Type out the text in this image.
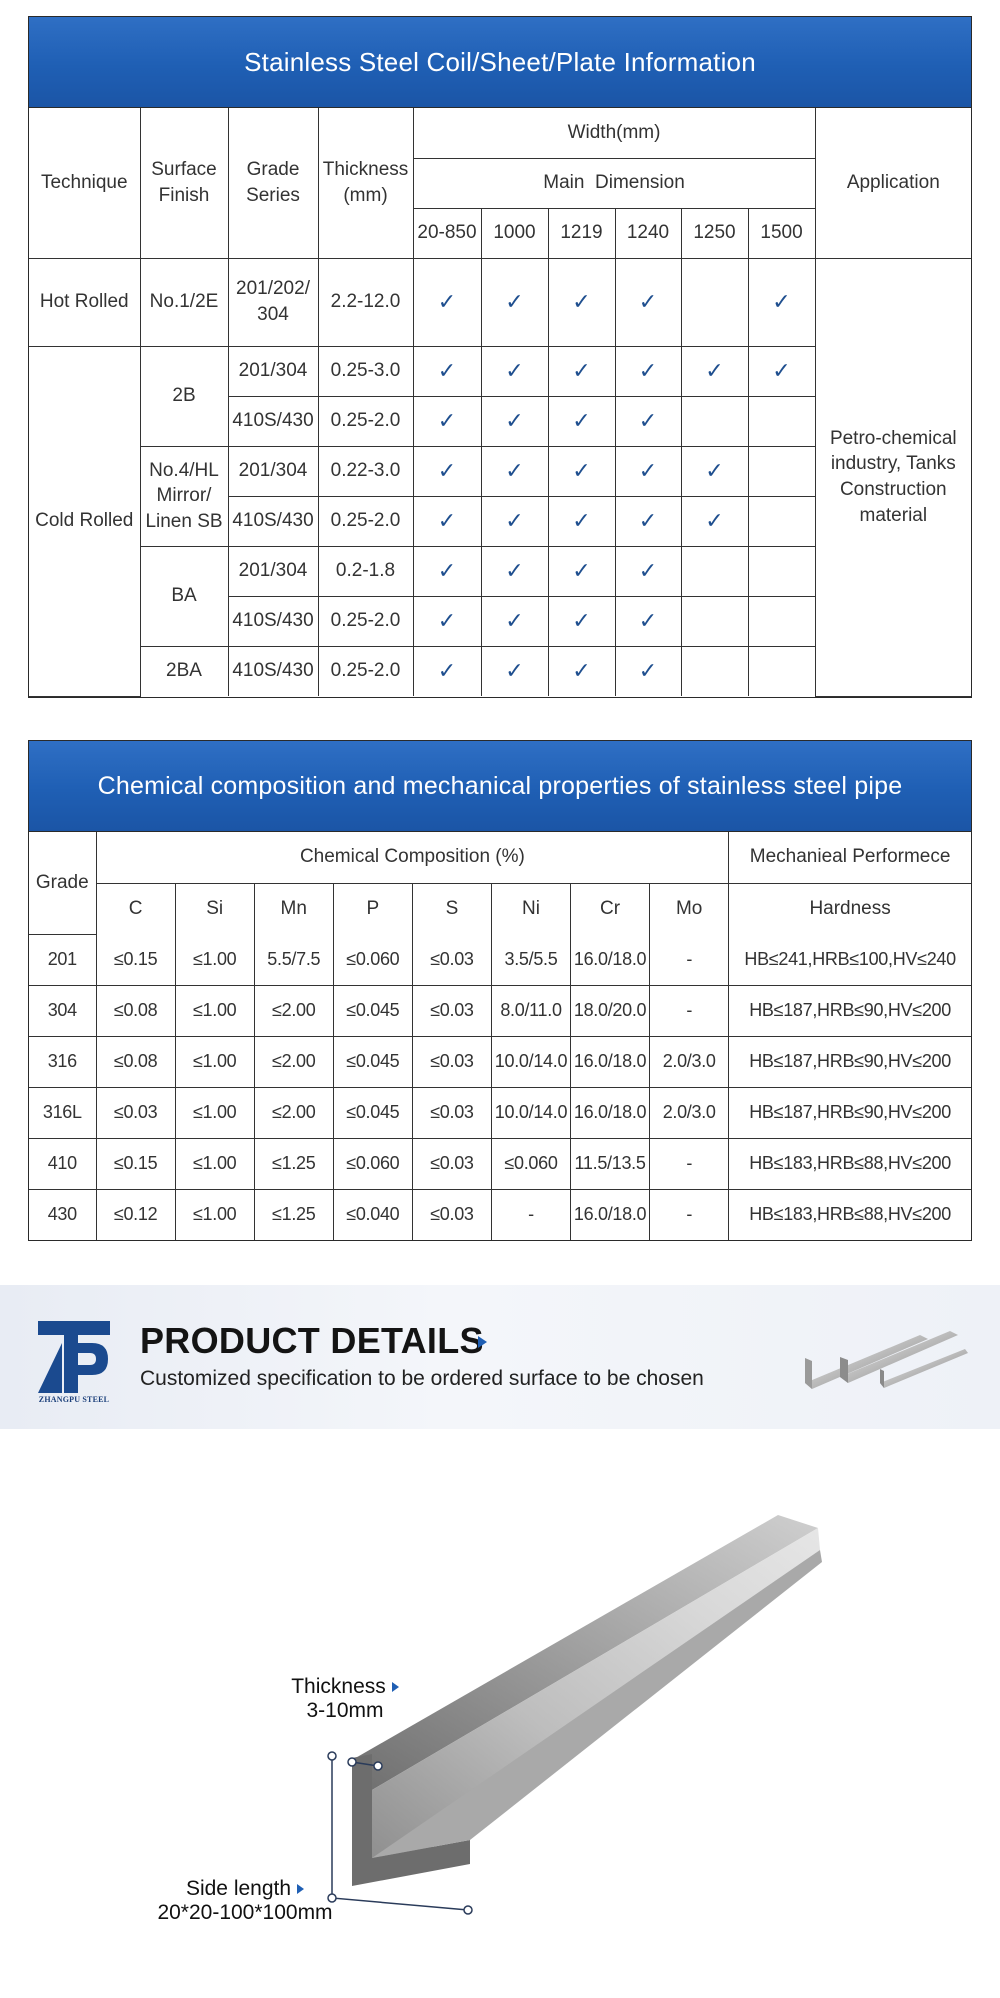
Stainless Steel Coil/Sheet/Plate Information
Technique	Surface Finish	Grade Series	Thickness (mm)	Width(mm)						Application
				Main  Dimension						
				20-850	1000	1219	1240	1250	1500	
Hot Rolled	No.1/2E	201/202/ 304	2.2-12.0	✓	✓	✓	✓		✓	Petro-chemical industry, Tanks Construction material
Cold Rolled	2B	201/304	0.25-3.0	✓	✓	✓	✓	✓	✓	
		410S/430	0.25-2.0	✓	✓	✓	✓			
	No.4/HL Mirror/ Linen SB	201/304	0.22-3.0	✓	✓	✓	✓	✓		
		410S/430	0.25-2.0	✓	✓	✓	✓	✓		
	BA	201/304	0.2-1.8	✓	✓	✓	✓			
		410S/430	0.25-2.0	✓	✓	✓	✓			
	2BA	410S/430	0.25-2.0	✓	✓	✓	✓			
Chemical composition and mechanical properties of stainless steel pipe
Grade	Chemical Composition (%)								Mechanieal Performece
	C	Si	Mn	P	S	Ni	Cr	Mo	Hardness
201	≤0.15	≤1.00	5.5/7.5	≤0.060	≤0.03	3.5/5.5	16.0/18.0	-	HB≤241,HRB≤100,HV≤240
304	≤0.08	≤1.00	≤2.00	≤0.045	≤0.03	8.0/11.0	18.0/20.0	-	HB≤187,HRB≤90,HV≤200
316	≤0.08	≤1.00	≤2.00	≤0.045	≤0.03	10.0/14.0	16.0/18.0	2.0/3.0	HB≤187,HRB≤90,HV≤200
316L	≤0.03	≤1.00	≤2.00	≤0.045	≤0.03	10.0/14.0	16.0/18.0	2.0/3.0	HB≤187,HRB≤90,HV≤200
410	≤0.15	≤1.00	≤1.25	≤0.060	≤0.03	≤0.060	11.5/13.5	-	HB≤183,HRB≤88,HV≤200
430	≤0.12	≤1.00	≤1.25	≤0.040	≤0.03	-	16.0/18.0	-	HB≤183,HRB≤88,HV≤200
ZHANGPU STEEL
PRODUCT DETAILS
Customized specification to be ordered surface to be chosen
Thickness
3-10mm
Side length
20*20-100*100mm
